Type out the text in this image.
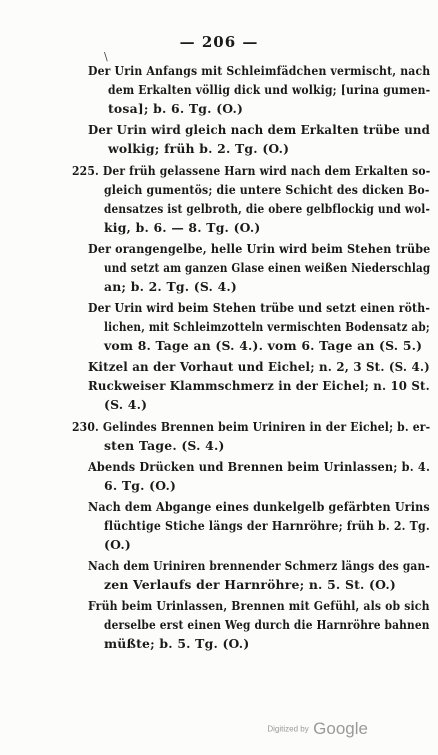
\
— 206 —
Der Urin Anfangs mit Schleimfädchen vermischt, nach
dem Erkalten völlig dick und wolkig; [urina gumen-
tosa]; b. 6. Tg. (O.)
Der Urin wird gleich nach dem Erkalten trübe und
wolkig; früh b. 2. Tg. (O.)
225. Der früh gelassene Harn wird nach dem Erkalten so-
gleich gumentös; die untere Schicht des dicken Bo-
densatzes ist gelbroth, die obere gelbflockig und wol-
kig, b. 6. — 8. Tg. (O.)
Der orangengelbe, helle Urin wird beim Stehen trübe
und setzt am ganzen Glase einen weißen Niederschlag
an; b. 2. Tg. (S. 4.)
Der Urin wird beim Stehen trübe und setzt einen röth-
lichen, mit Schleimzotteln vermischten Bodensatz ab;
vom 8. Tage an (S. 4.). vom 6. Tage an (S. 5.)
Kitzel an der Vorhaut und Eichel; n. 2, 3 St. (S. 4.)
Ruckweiser Klammschmerz in der Eichel; n. 10 St.
(S. 4.)
230. Gelindes Brennen beim Uriniren in der Eichel; b. er-
sten Tage. (S. 4.)
Abends Drücken und Brennen beim Urinlassen; b. 4.
6. Tg. (O.)
Nach dem Abgange eines dunkelgelb gefärbten Urins
flüchtige Stiche längs der Harnröhre; früh b. 2. Tg.
(O.)
Nach dem Uriniren brennender Schmerz längs des gan-
zen Verlaufs der Harnröhre; n. 5. St. (O.)
Früh beim Urinlassen, Brennen mit Gefühl, als ob sich
derselbe erst einen Weg durch die Harnröhre bahnen
müßte; b. 5. Tg. (O.)
Digitized by Google
